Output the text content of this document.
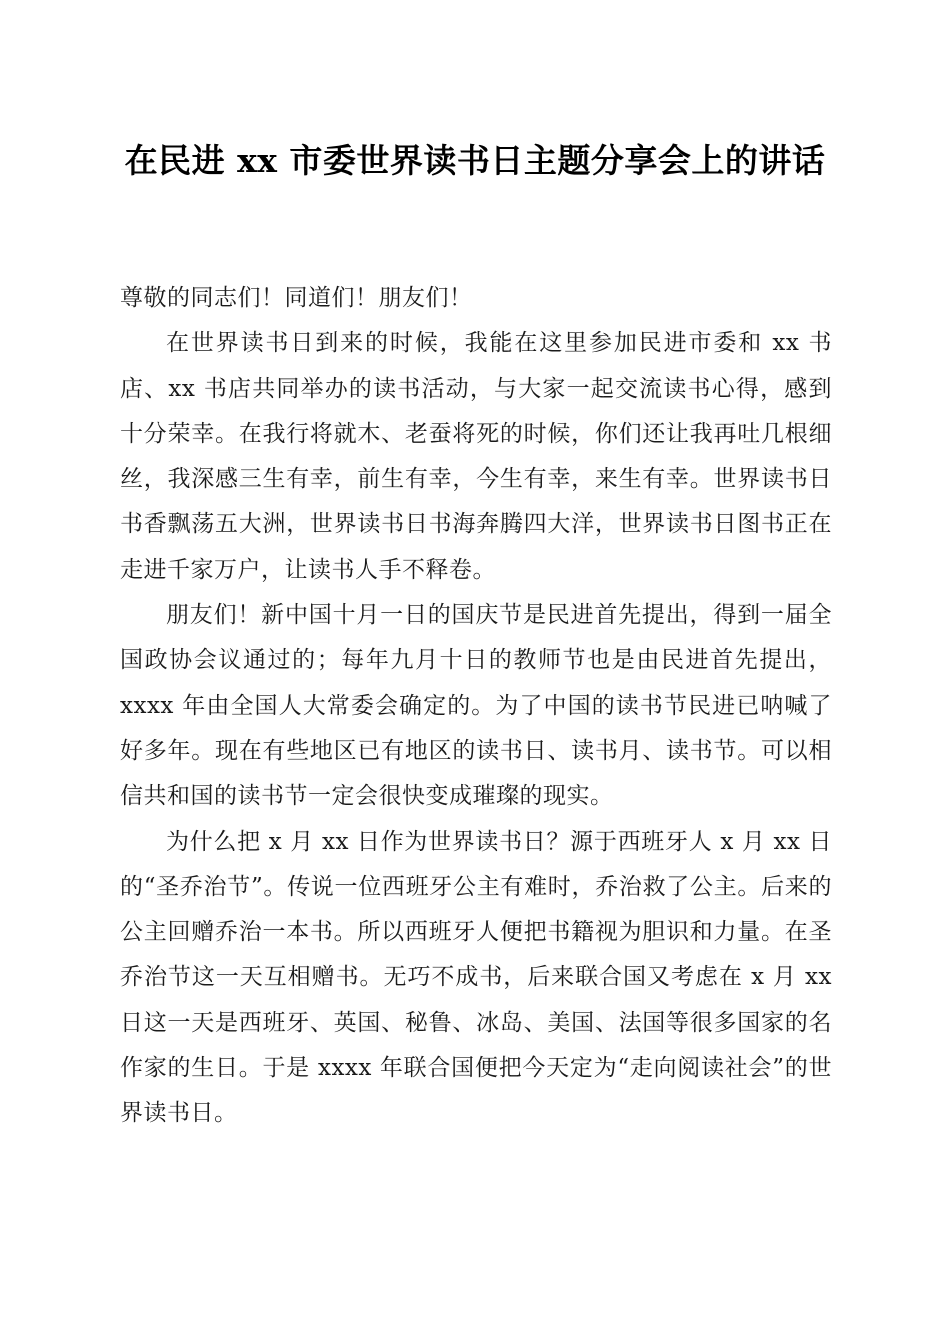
在民进 xx 市委世界读书日主题分享会上的讲话

尊敬的同志们！同道们！朋友们！

在世界读书日到来的时候，我能在这里参加民进市委和 xx 书店、xx 书店共同举办的读书活动，与大家一起交流读书心得，感到十分荣幸。在我行将就木、老蚕将死的时候，你们还让我再吐几根细丝，我深感三生有幸，前生有幸，今生有幸，来生有幸。世界读书日书香飘荡五大洲，世界读书日书海奔腾四大洋，世界读书日图书正在走进千家万户，让读书人手不释卷。

朋友们！新中国十月一日的国庆节是民进首先提出，得到一届全国政协会议通过的；每年九月十日的教师节也是由民进首先提出，xxxx 年由全国人大常委会确定的。为了中国的读书节民进已呐喊了好多年。现在有些地区已有地区的读书日、读书月、读书节。可以相信共和国的读书节一定会很快变成璀璨的现实。

为什么把 x 月 xx 日作为世界读书日？源于西班牙人 x 月 xx 日的“圣乔治节”。传说一位西班牙公主有难时，乔治救了公主。后来的公主回赠乔治一本书。所以西班牙人便把书籍视为胆识和力量。在圣乔治节这一天互相赠书。无巧不成书，后来联合国又考虑在 x 月 xx 日这一天是西班牙、英国、秘鲁、冰岛、美国、法国等很多国家的名作家的生日。于是 xxxx 年联合国便把今天定为“走向阅读社会”的世界读书日。
